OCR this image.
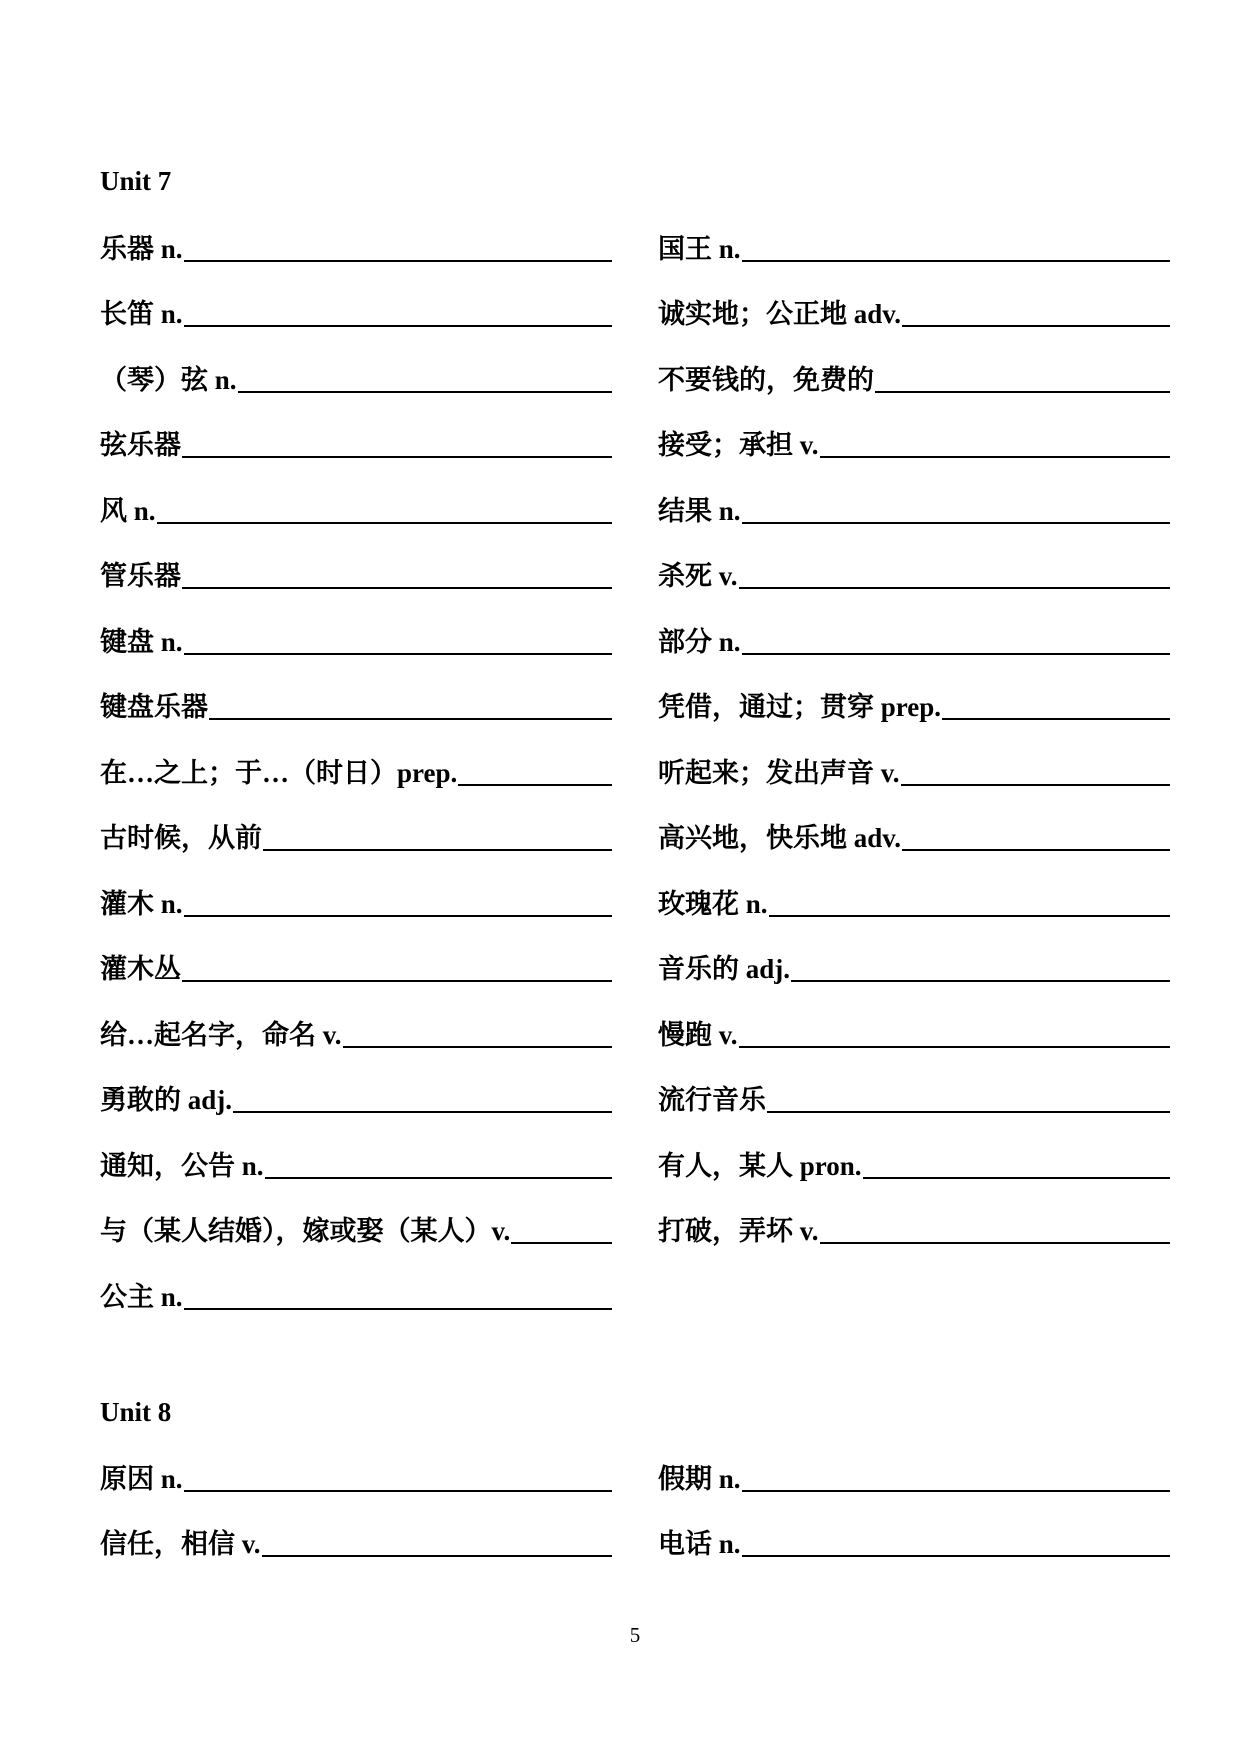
Unit 7
乐器 n.
长笛 n.
（琴）弦 n.
弦乐器
风 n.
管乐器
键盘 n.
键盘乐器
在…之上；于…（时日）prep.
古时候，从前
灌木 n.
灌木丛
给…起名字，命名 v.
勇敢的 adj.
通知，公告 n.
与（某人结婚），嫁或娶（某人）v.
公主 n.
国王 n.
诚实地；公正地 adv.
不要钱的，免费的
接受；承担 v.
结果 n.
杀死 v.
部分 n.
凭借，通过；贯穿 prep.
听起来；发出声音 v.
高兴地，快乐地 adv.
玫瑰花 n.
音乐的 adj.
慢跑 v.
流行音乐
有人，某人 pron.
打破，弄坏 v.
Unit 8
原因 n.
信任，相信 v.
假期 n.
电话 n.
5
